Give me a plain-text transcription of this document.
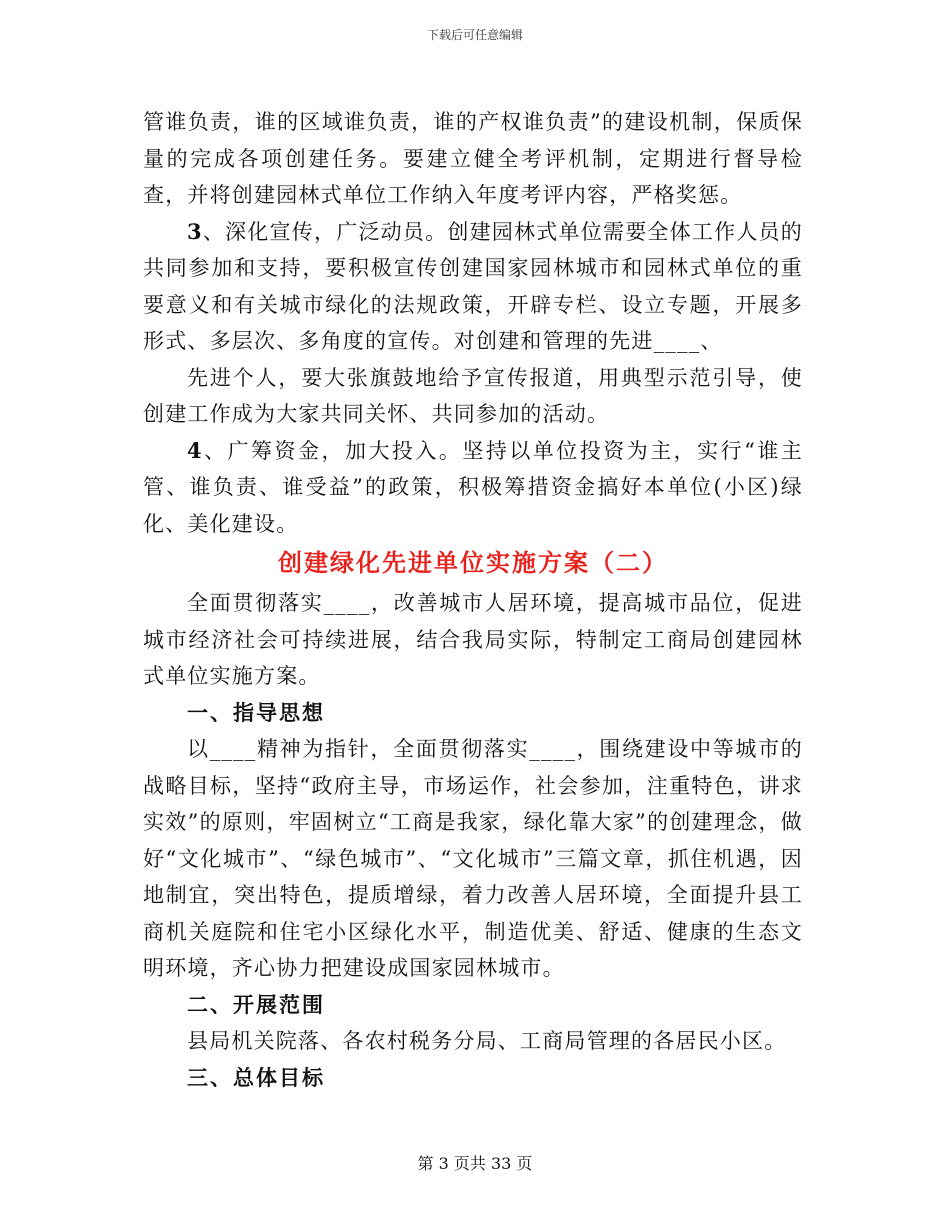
下载后可任意编辑

管谁负责，谁的区域谁负责，谁的产权谁负责”的建设机制，保质保量的完成各项创建任务。要建立健全考评机制，定期进行督导检查，并将创建园林式单位工作纳入年度考评内容，严格奖惩。

3、深化宣传，广泛动员。创建园林式单位需要全体工作人员的共同参加和支持，要积极宣传创建国家园林城市和园林式单位的重要意义和有关城市绿化的法规政策，开辟专栏、设立专题，开展多形式、多层次、多角度的宣传。对创建和管理的先进____、

先进个人，要大张旗鼓地给予宣传报道，用典型示范引导，使创建工作成为大家共同关怀、共同参加的活动。

4、广筹资金，加大投入。坚持以单位投资为主，实行“谁主管、谁负责、谁受益”的政策，积极筹措资金搞好本单位(小区)绿化、美化建设。

创建绿化先进单位实施方案（二）

全面贯彻落实____，改善城市人居环境，提高城市品位，促进城市经济社会可持续进展，结合我局实际，特制定工商局创建园林式单位实施方案。

一、指导思想

以____精神为指针，全面贯彻落实____，围绕建设中等城市的战略目标，坚持“政府主导，市场运作，社会参加，注重特色，讲求实效”的原则，牢固树立“工商是我家，绿化靠大家”的创建理念，做好“文化城市”、“绿色城市”、“文化城市”三篇文章，抓住机遇，因地制宜，突出特色，提质增绿，着力改善人居环境，全面提升县工商机关庭院和住宅小区绿化水平，制造优美、舒适、健康的生态文明环境，齐心协力把建设成国家园林城市。

二、开展范围

县局机关院落、各农村税务分局、工商局管理的各居民小区。

三、总体目标

第 3 页共 33 页
